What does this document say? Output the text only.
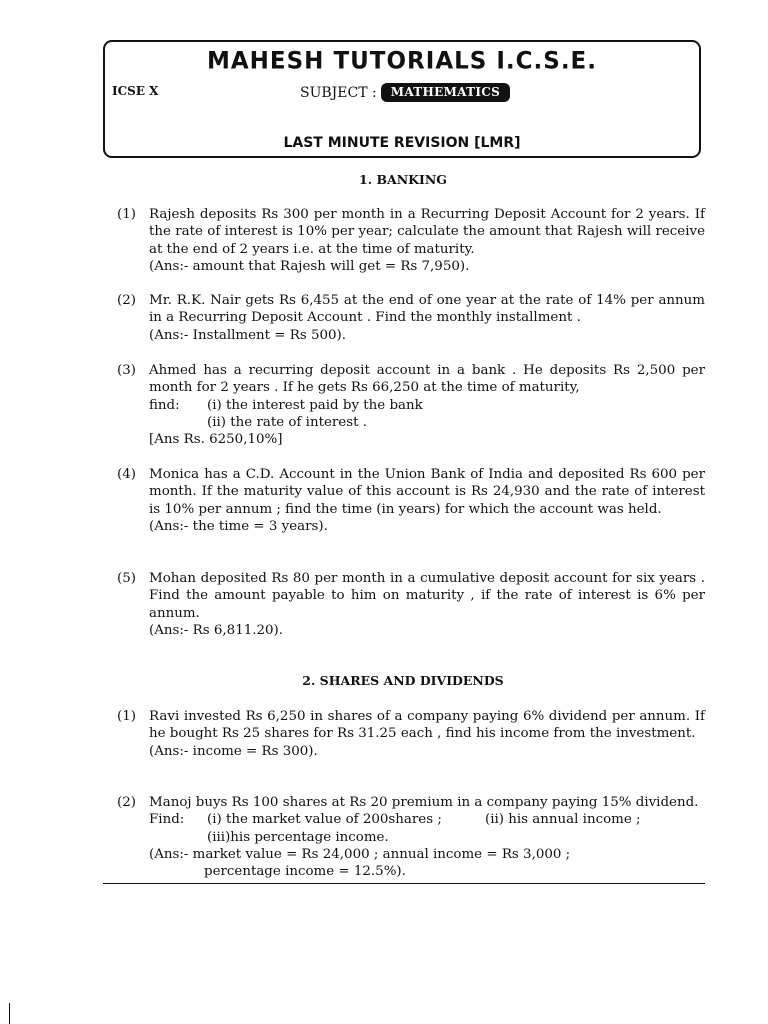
MAHESH TUTORIALS I.C.S.E.
ICSE X	SUBJECT :	MATHEMATICS
LAST MINUTE REVISION [LMR]
1. BANKING
(1) Rajesh deposits Rs 300 per month in a Recurring Deposit Account for 2 years. If the rate of interest is 10% per year; calculate the amount that Rajesh will receive at the end of 2 years i.e. at the time of maturity.
(Ans:- amount that Rajesh will get = Rs 7,950).
(2) Mr. R.K. Nair gets Rs 6,455 at the end of one year at the rate of 14% per annum in a Recurring Deposit Account . Find the monthly installment .
(Ans:- Installment = Rs 500).
(3) Ahmed has a recurring deposit account in a bank . He deposits Rs 2,500 per month for 2 years . If he gets Rs 66,250 at the time of maturity,
find:	(i) the interest paid by the bank
(ii) the rate of interest .
[Ans Rs. 6250,10%]
(4) Monica has a C.D. Account in the Union Bank of India and deposited Rs 600 per month. If the maturity value of this account is Rs 24,930 and the rate of interest is 10% per annum ; find the time (in years) for which the account was held.
(Ans:- the time = 3 years).
(5) Mohan deposited Rs 80 per month in a cumulative deposit account for six years . Find the amount payable to him on maturity , if the rate of interest is 6% per annum.
(Ans:- Rs 6,811.20).
2. SHARES AND DIVIDENDS
(1) Ravi invested Rs 6,250 in shares of a company paying 6% dividend per annum. If he bought Rs 25 shares for Rs 31.25 each , find his income from the investment.
(Ans:- income = Rs 300).
(2) Manoj buys Rs 100 shares at Rs 20 premium in a company paying 15% dividend.
Find:	(i) the market value of 200shares ;	(ii) his annual income ;
(iii)his percentage income.
(Ans:- market value = Rs 24,000 ; annual income = Rs 3,000 ;
percentage income = 12.5%).
